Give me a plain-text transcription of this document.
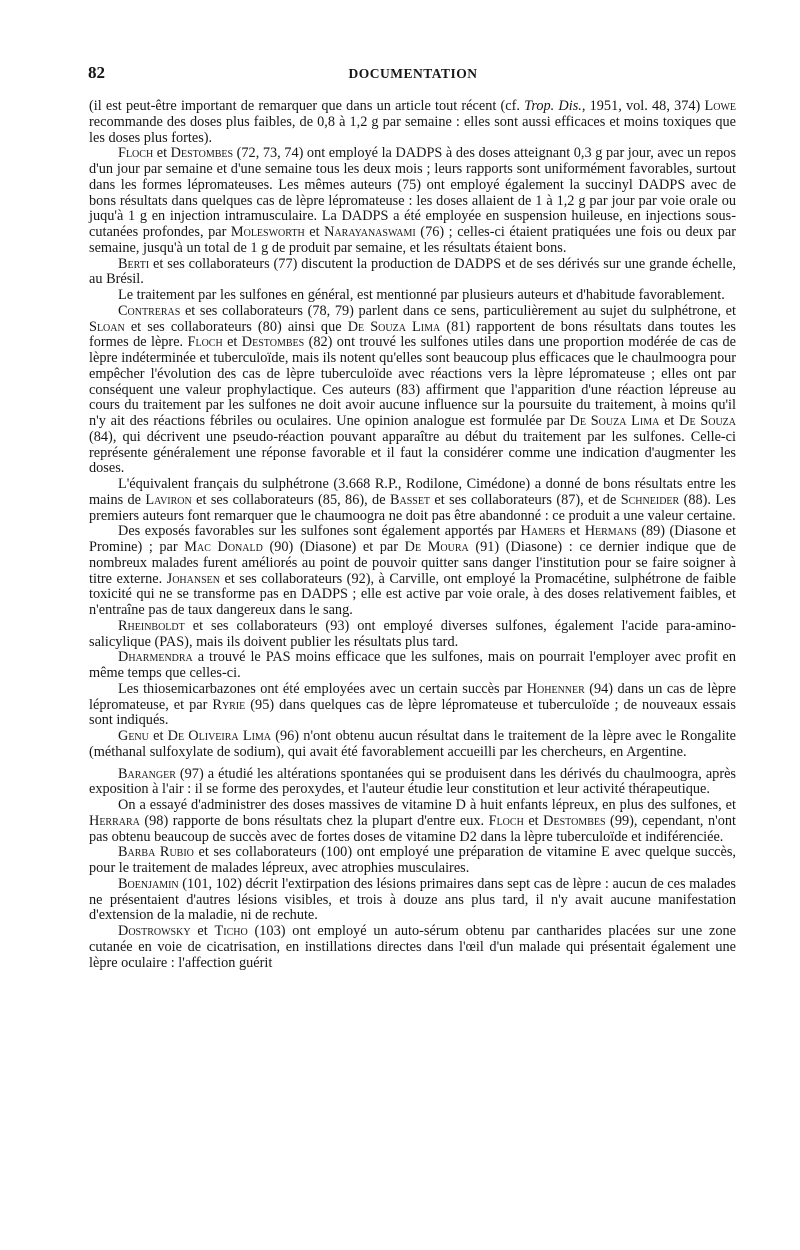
82	DOCUMENTATION

(il est peut-être important de remarquer que dans un article tout récent (cf. Trop. Dis., 1951, vol. 48, 374) Lowe recommande des doses plus faibles, de 0,8 à 1,2 g par semaine : elles sont aussi efficaces et moins toxiques que les doses plus fortes).

Floch et Destombes (72, 73, 74) ont employé la DADPS à des doses atteignant 0,3 g par jour, avec un repos d'un jour par semaine et d'une semaine tous les deux mois ; leurs rapports sont uniformément favorables, surtout dans les formes lépromateuses. Les mêmes auteurs (75) ont employé également la succinyl DADPS avec de bons résultats dans quelques cas de lèpre lépromateuse : les doses allaient de 1 à 1,2 g par jour par voie orale ou juqu'à 1 g en injection intramusculaire. La DADPS a été employée en suspension huileuse, en injections sous-cutanées profondes, par Molesworth et Narayanaswami (76) ; celles-ci étaient pratiquées une fois ou deux par semaine, jusqu'à un total de 1 g de produit par semaine, et les résultats étaient bons.

Berti et ses collaborateurs (77) discutent la production de DADPS et de ses dérivés sur une grande échelle, au Brésil.

Le traitement par les sulfones en général, est mentionné par plusieurs auteurs et d'habitude favorablement.

Contreras et ses collaborateurs (78, 79) parlent dans ce sens, particulièrement au sujet du sulphétrone, et Sloan et ses collaborateurs (80) ainsi que De Souza Lima (81) rapportent de bons résultats dans toutes les formes de lèpre. Floch et Destombes (82) ont trouvé les sulfones utiles dans une proportion modérée de cas de lèpre indéterminée et tuberculoïde, mais ils notent qu'elles sont beaucoup plus efficaces que le chaulmoogra pour empêcher l'évolution des cas de lèpre tuberculoïde avec réactions vers la lèpre lépromateuse ; elles ont par conséquent une valeur prophylactique. Ces auteurs (83) affirment que l'apparition d'une réaction lépreuse au cours du traitement par les sulfones ne doit avoir aucune influence sur la poursuite du traitement, à moins qu'il n'y ait des réactions fébriles ou oculaires. Une opinion analogue est formulée par De Souza Lima et De Souza (84), qui décrivent une pseudo-réaction pouvant apparaître au début du traitement par les sulfones. Celle-ci représente généralement une réponse favorable et il faut la considérer comme une indication d'augmenter les doses.

L'équivalent français du sulphétrone (3.668 R.P., Rodilone, Cimédone) a donné de bons résultats entre les mains de Laviron et ses collaborateurs (85, 86), de Basset et ses collaborateurs (87), et de Schneider (88). Les premiers auteurs font remarquer que le chaumoogra ne doit pas être abandonné : ce produit a une valeur certaine.

Des exposés favorables sur les sulfones sont également apportés par Hamers et Hermans (89) (Diasone et Promine) ; par Mac Donald (90) (Diasone) et par De Moura (91) (Diasone) : ce dernier indique que de nombreux malades furent améliorés au point de pouvoir quitter sans danger l'institution pour se faire soigner à titre externe. Johansen et ses collaborateurs (92), à Carville, ont employé la Promacétine, sulphétrone de faible toxicité qui ne se transforme pas en DADPS ; elle est active par voie orale, à des doses relativement faibles, et n'entraîne pas de taux dangereux dans le sang.

Rheinboldt et ses collaborateurs (93) ont employé diverses sulfones, également l'acide para-amino-salicylique (PAS), mais ils doivent publier les résultats plus tard.

Dharmendra a trouvé le PAS moins efficace que les sulfones, mais on pourrait l'employer avec profit en même temps que celles-ci.

Les thiosemicarbazones ont été employées avec un certain succès par Hohenner (94) dans un cas de lèpre lépromateuse, et par Ryrie (95) dans quelques cas de lèpre lépromateuse et tuberculoïde ; de nouveaux essais sont indiqués.

Genu et De Oliveira Lima (96) n'ont obtenu aucun résultat dans le traitement de la lèpre avec le Rongalite (méthanal sulfoxylate de sodium), qui avait été favorablement accueilli par les chercheurs, en Argentine.

Baranger (97) a étudié les altérations spontanées qui se produisent dans les dérivés du chaulmoogra, après exposition à l'air : il se forme des peroxydes, et l'auteur étudie leur constitution et leur activité thérapeutique.

On a essayé d'administrer des doses massives de vitamine D à huit enfants lépreux, en plus des sulfones, et Herrara (98) rapporte de bons résultats chez la plupart d'entre eux. Floch et Destombes (99), cependant, n'ont pas obtenu beaucoup de succès avec de fortes doses de vitamine D2 dans la lèpre tuberculoïde et indiférenciée.

Barba Rubio et ses collaborateurs (100) ont employé une préparation de vitamine E avec quelque succès, pour le traitement de malades lépreux, avec atrophies musculaires.

Boenjamin (101, 102) décrit l'extirpation des lésions primaires dans sept cas de lèpre : aucun de ces malades ne présentaient d'autres lésions visibles, et trois à douze ans plus tard, il n'y avait aucune manifestation d'extension de la maladie, ni de rechute.

Dostrowsky et Ticho (103) ont employé un auto-sérum obtenu par cantharides placées sur une zone cutanée en voie de cicatrisation, en instillations directes dans l'œil d'un malade qui présentait également une lèpre oculaire : l'affection guérit
